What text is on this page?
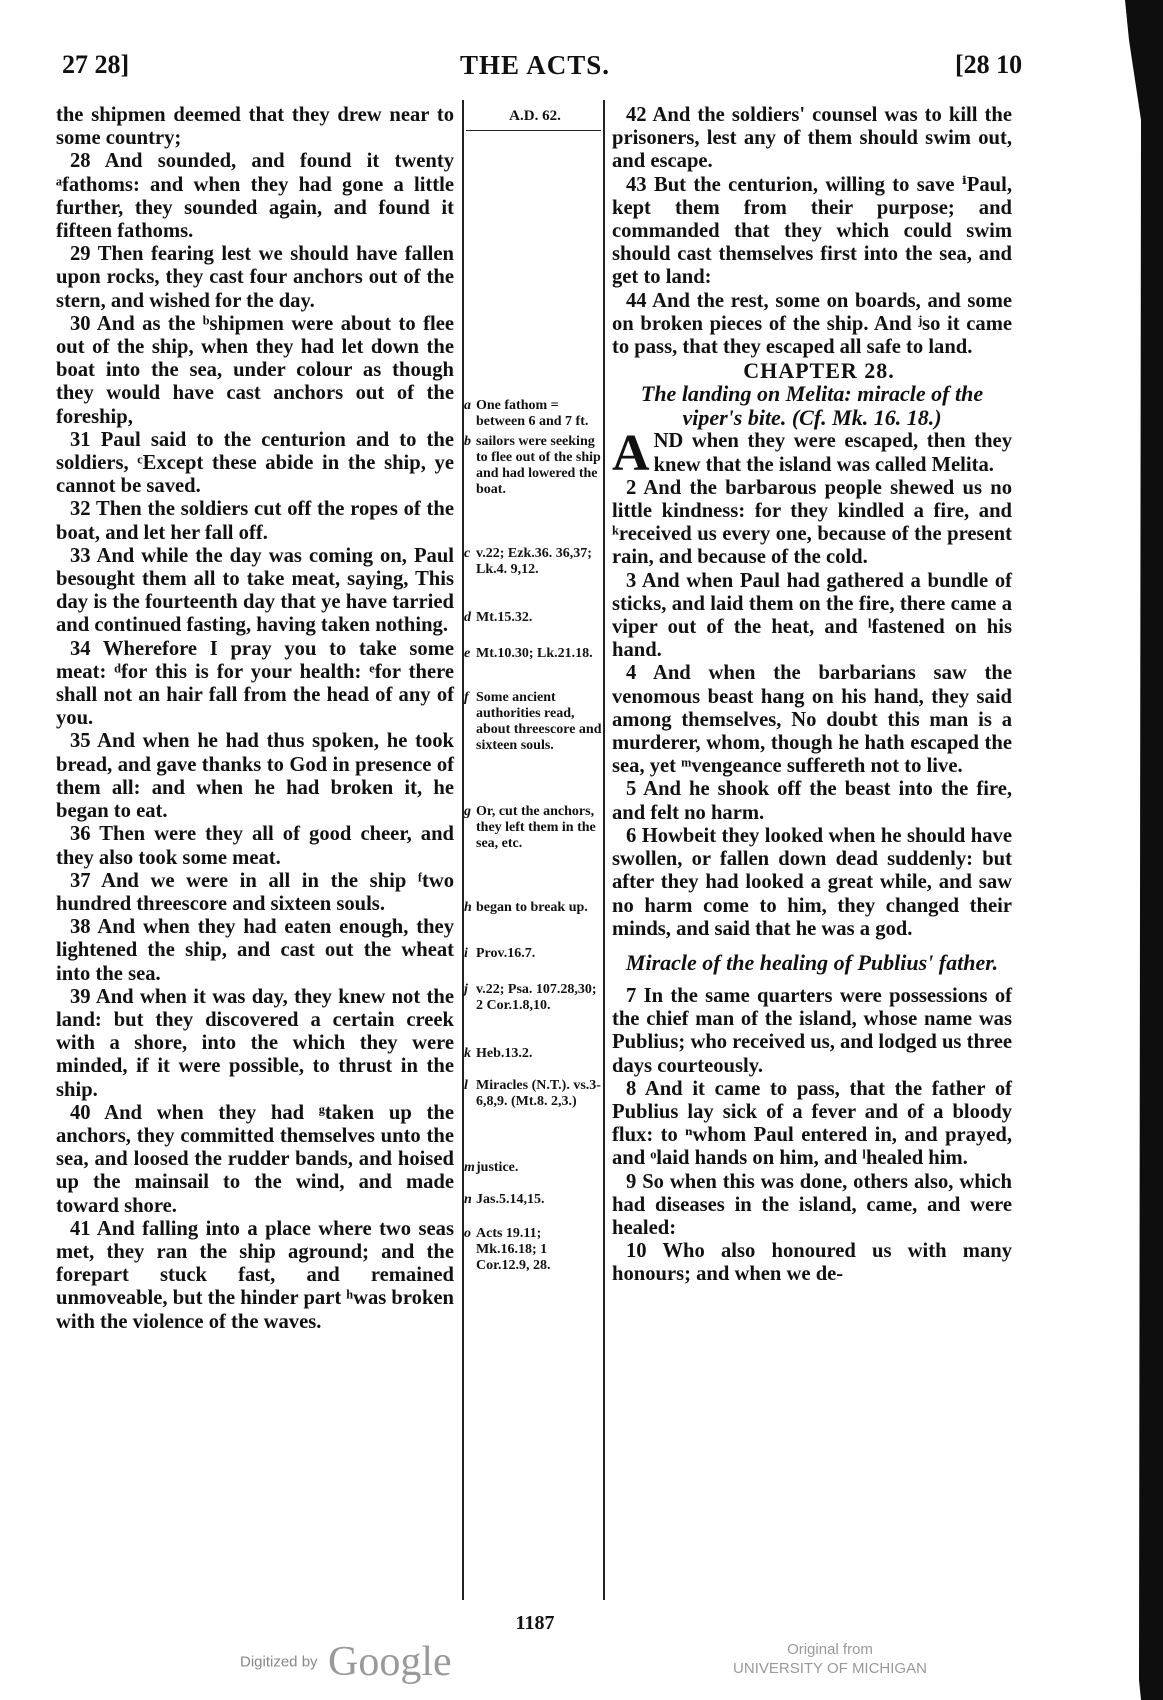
27 28]	THE ACTS.	[28 10
A.D. 62.

the shipmen deemed that they drew near to some country;

28 And sounded, and found it twenty ᵃfathoms: and when they had gone a little further, they sounded again, and found it fifteen fathoms.

29 Then fearing lest we should have fallen upon rocks, they cast four anchors out of the stern, and wished for the day.

30 And as the ᵇshipmen were about to flee out of the ship, when they had let down the boat into the sea, under colour as though they would have cast anchors out of the foreship,

31 Paul said to the centurion and to the soldiers, ᶜExcept these abide in the ship, ye cannot be saved.

32 Then the soldiers cut off the ropes of the boat, and let her fall off.

33 And while the day was coming on, Paul besought them all to take meat, saying, This day is the fourteenth day that ye have tarried and continued fasting, having taken nothing.

34 Wherefore I pray you to take some meat: ᵈfor this is for your health: ᵉfor there shall not an hair fall from the head of any of you.

35 And when he had thus spoken, he took bread, and gave thanks to God in presence of them all: and when he had broken it, he began to eat.

36 Then were they all of good cheer, and they also took some meat.

37 And we were in all in the ship ᶠtwo hundred threescore and sixteen souls.

38 And when they had eaten enough, they lightened the ship, and cast out the wheat into the sea.

39 And when it was day, they knew not the land: but they discovered a certain creek with a shore, into the which they were minded, if it were possible, to thrust in the ship.

40 And when they had ᵍtaken up the anchors, they committed themselves unto the sea, and loosed the rudder bands, and hoised up the mainsail to the wind, and made toward shore.

41 And falling into a place where two seas met, they ran the ship aground; and the forepart stuck fast, and remained unmoveable, but the hinder part ʰwas broken with the violence of the waves.

42 And the soldiers' counsel was to kill the prisoners, lest any of them should swim out, and escape.

43 But the centurion, willing to save ⁱPaul, kept them from their purpose; and commanded that they which could swim should cast themselves first into the sea, and get to land:

44 And the rest, some on boards, and some on broken pieces of the ship. And ʲso it came to pass, that they escaped all safe to land.

CHAPTER 28.

The landing on Melita: miracle of the viper's bite. (Cf. Mk. 16. 18.)

AND when they were escaped, then they knew that the island was called Melita.

2 And the barbarous people shewed us no little kindness: for they kindled a fire, and ᵏreceived us every one, because of the present rain, and because of the cold.

3 And when Paul had gathered a bundle of sticks, and laid them on the fire, there came a viper out of the heat, and ˡfastened on his hand.

4 And when the barbarians saw the venomous beast hang on his hand, they said among themselves, No doubt this man is a murderer, whom, though he hath escaped the sea, yet ᵐvengeance suffereth not to live.

5 And he shook off the beast into the fire, and felt no harm.

6 Howbeit they looked when he should have swollen, or fallen down dead suddenly: but after they had looked a great while, and saw no harm come to him, they changed their minds, and said that he was a god.

Miracle of the healing of Publius' father.

7 In the same quarters were possessions of the chief man of the island, whose name was Publius; who received us, and lodged us three days courteously.

8 And it came to pass, that the father of Publius lay sick of a fever and of a bloody flux: to ⁿwhom Paul entered in, and prayed, and ᵒlaid hands on him, and ˡhealed him.

9 So when this was done, others also, which had diseases in the island, came, and were healed:

10 Who also honoured us with many honours; and when we de-

a One fathom = between 6 and 7 ft.
b sailors were seeking to flee out of the ship and had lowered the boat.
c v.22; Ezk.36. 36,37; Lk.4. 9,12.
d Mt.15.32.
e Mt.10.30; Lk.21.18.
f Some ancient authorities read, about threescore and sixteen souls.
g Or, cut the anchors, they left them in the sea, etc.
h began to break up.
i Prov.16.7.
j v.22; Psa. 107.28,30; 2 Cor.1.8,10.
k Heb.13.2.
l Miracles (N.T.). vs.3-6,8,9. (Mt.8. 2,3.)
m justice.
n Jas.5.14,15.
o Acts 19.11; Mk.16.18; 1 Cor.12.9, 28.
1187
Digitized by Google	Original from
UNIVERSITY OF MICHIGAN
